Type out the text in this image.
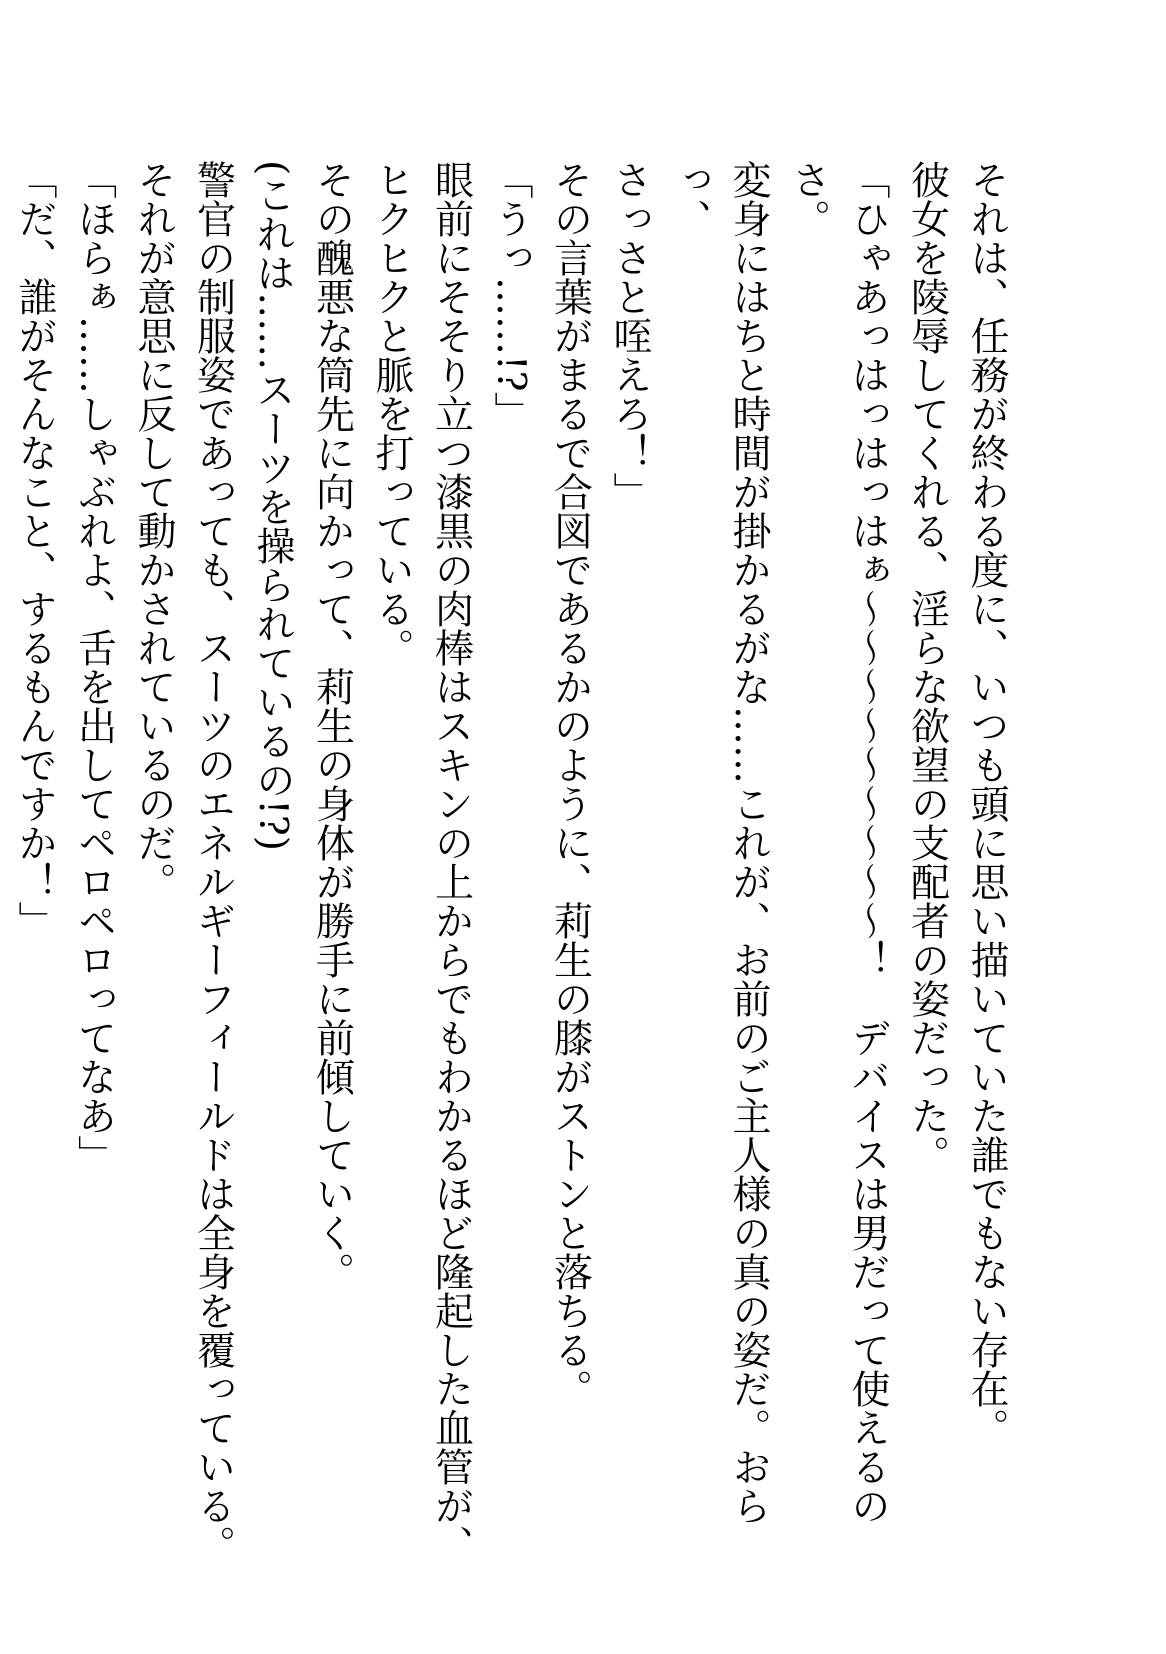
それは、任務が終わる度に、いつも頭に思い描いていた誰でもない存在。
彼女を陵辱してくれる、淫らな欲望の支配者の姿だった。
「ひゃあっはっはっはぁ〜〜〜〜〜〜〜〜〜！　デバイスは男だって使えるのさ。
変身にはちと時間が掛かるがな……これが、お前のご主人様の真の姿だ。おらっ、
さっさと咥えろ！」
その言葉がまるで合図であるかのように、莉生の膝がストンと落ちる。
「うっ……!?」
眼前にそそり立つ漆黒の肉棒はスキンの上からでもわかるほど隆起した血管が、
ヒクヒクと脈を打っている。
その醜悪な筒先に向かって、莉生の身体が勝手に前傾していく。
(これは……スーツを操られているの!?)
警官の制服姿であっても、スーツのエネルギーフィールドは全身を覆っている。
それが意思に反して動かされているのだ。
「ほらぁ……しゃぶれよ、舌を出してペロペロってなあ」
「だ、誰がそんなこと、するもんですか！」
